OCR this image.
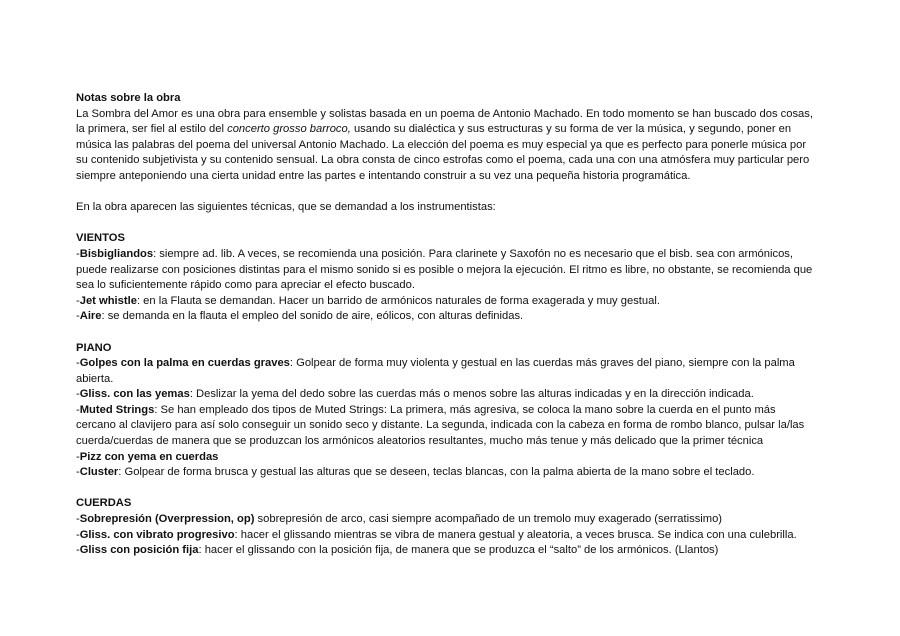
Notas sobre la obra

La Sombra del Amor es una obra para ensemble y solistas basada en un poema de Antonio Machado. En todo momento se han buscado dos cosas, la primera, ser fiel al estilo del concerto grosso barroco, usando su dialéctica y sus estructuras y su forma de ver la música, y segundo, poner en música las palabras del poema del universal Antonio Machado. La elección del poema es muy especial ya que es perfecto para ponerle música por su contenido subjetivista y su contenido sensual. La obra consta de cinco estrofas como el poema, cada una con una atmósfera muy particular pero siempre anteponiendo una cierta unidad entre las partes e intentando construir a su vez una pequeña historia programática.

En la obra aparecen las siguientes técnicas, que se demandad a los instrumentistas:

VIENTOS

-Bisbigliandos: siempre ad. lib. A veces, se recomienda una posición. Para clarinete y Saxofón no es necesario que el bisb. sea con armónicos, puede realizarse con posiciones distintas para el mismo sonido si es posible o mejora la ejecución. El ritmo es libre, no obstante, se recomienda que sea lo suficientemente rápido como para apreciar el efecto buscado.

-Jet whistle: en la Flauta se demandan. Hacer un barrido de armónicos naturales de forma exagerada y muy gestual.

-Aire: se demanda en la flauta el empleo del sonido de aire, eólicos, con alturas definidas.

PIANO

-Golpes con la palma en cuerdas graves: Golpear de forma muy violenta y gestual en las cuerdas más graves del piano, siempre con la palma abierta.

-Gliss. con las yemas: Deslizar la yema del dedo sobre las cuerdas más o menos sobre las alturas indicadas y en la dirección indicada.

-Muted Strings: Se han empleado dos tipos de Muted Strings: La primera, más agresiva, se coloca la mano sobre la cuerda en el punto más cercano al clavijero para así solo conseguir un sonido seco y distante. La segunda, indicada con la cabeza en forma de rombo blanco, pulsar la/las cuerda/cuerdas de manera que se produzcan los armónicos aleatorios resultantes, mucho más tenue y más delicado que la primer técnica

-Pizz con yema en cuerdas

-Cluster: Golpear de forma brusca y gestual las alturas que se deseen, teclas blancas, con la palma abierta de la mano sobre el teclado.

CUERDAS

-Sobrepresión (Overpression, op) sobrepresión de arco, casi siempre acompañado de un tremolo muy exagerado (serratissimo)

-Gliss. con vibrato progresivo: hacer el glissando mientras se vibra de manera gestual y aleatoria, a veces brusca. Se indica con una culebrilla.

-Gliss con posición fija: hacer el glissando con la posición fija, de manera que se produzca el “salto” de los armónicos. (Llantos)
